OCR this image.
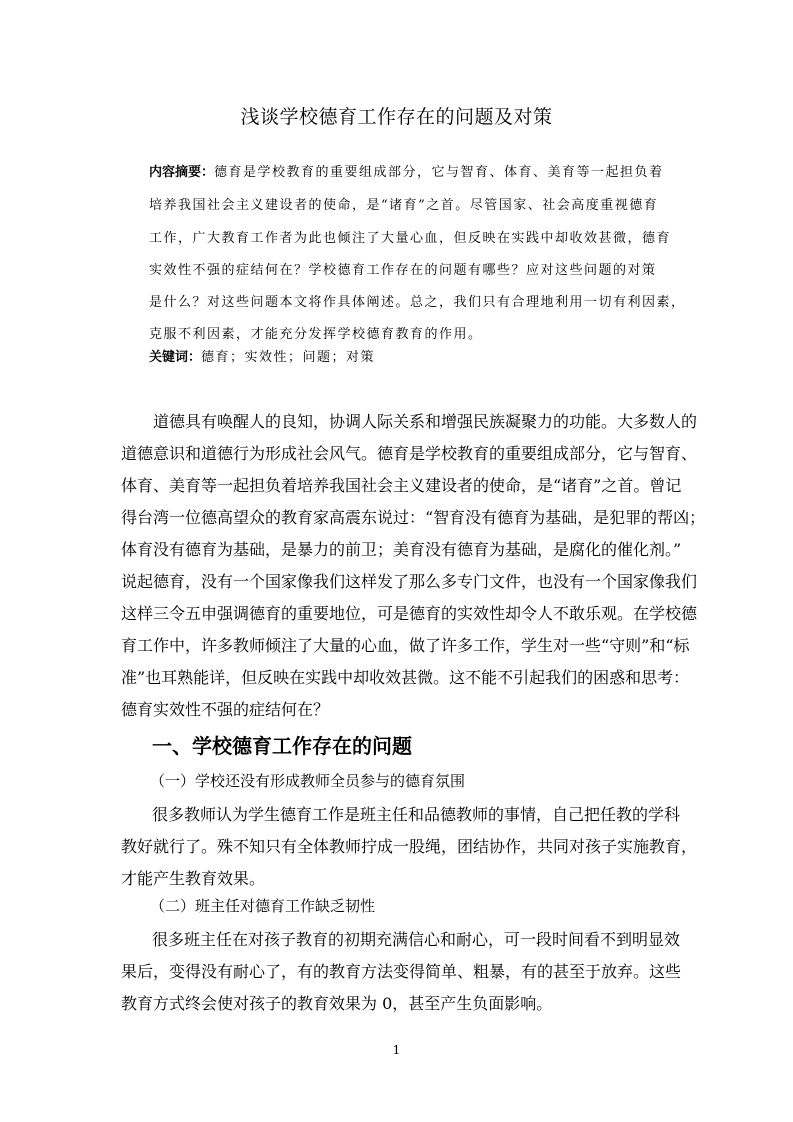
浅谈学校德育工作存在的问题及对策
内容摘要：德育是学校教育的重要组成部分，它与智育、体育、美育等一起担负着
培养我国社会主义建设者的使命，是“诸育”之首。尽管国家、社会高度重视德育
工作，广大教育工作者为此也倾注了大量心血，但反映在实践中却收效甚微，德育
实效性不强的症结何在？学校德育工作存在的问题有哪些？应对这些问题的对策
是什么？对这些问题本文将作具体阐述。总之，我们只有合理地利用一切有利因素，
克服不利因素，才能充分发挥学校德育教育的作用。
关键词：德育；实效性；问题；对策
道德具有唤醒人的良知，协调人际关系和增强民族凝聚力的功能。大多数人的
道德意识和道德行为形成社会风气。德育是学校教育的重要组成部分，它与智育、
体育、美育等一起担负着培养我国社会主义建设者的使命，是“诸育”之首。曾记
得台湾一位德高望众的教育家高震东说过：“智育没有德育为基础，是犯罪的帮凶；
体育没有德育为基础，是暴力的前卫；美育没有德育为基础，是腐化的催化剂。”
说起德育，没有一个国家像我们这样发了那么多专门文件，也没有一个国家像我们
这样三令五申强调德育的重要地位，可是德育的实效性却令人不敢乐观。在学校德
育工作中，许多教师倾注了大量的心血，做了许多工作，学生对一些“守则”和“标
准”也耳熟能详，但反映在实践中却收效甚微。这不能不引起我们的困惑和思考：
德育实效性不强的症结何在？
一、学校德育工作存在的问题
（一）学校还没有形成教师全员参与的德育氛围
很多教师认为学生德育工作是班主任和品德教师的事情，自己把任教的学科
教好就行了。殊不知只有全体教师拧成一股绳，团结协作，共同对孩子实施教育，
才能产生教育效果。
（二）班主任对德育工作缺乏韧性
很多班主任在对孩子教育的初期充满信心和耐心，可一段时间看不到明显效
果后，变得没有耐心了，有的教育方法变得简单、粗暴，有的甚至于放弃。这些
教育方式终会使对孩子的教育效果为 0，甚至产生负面影响。
1
